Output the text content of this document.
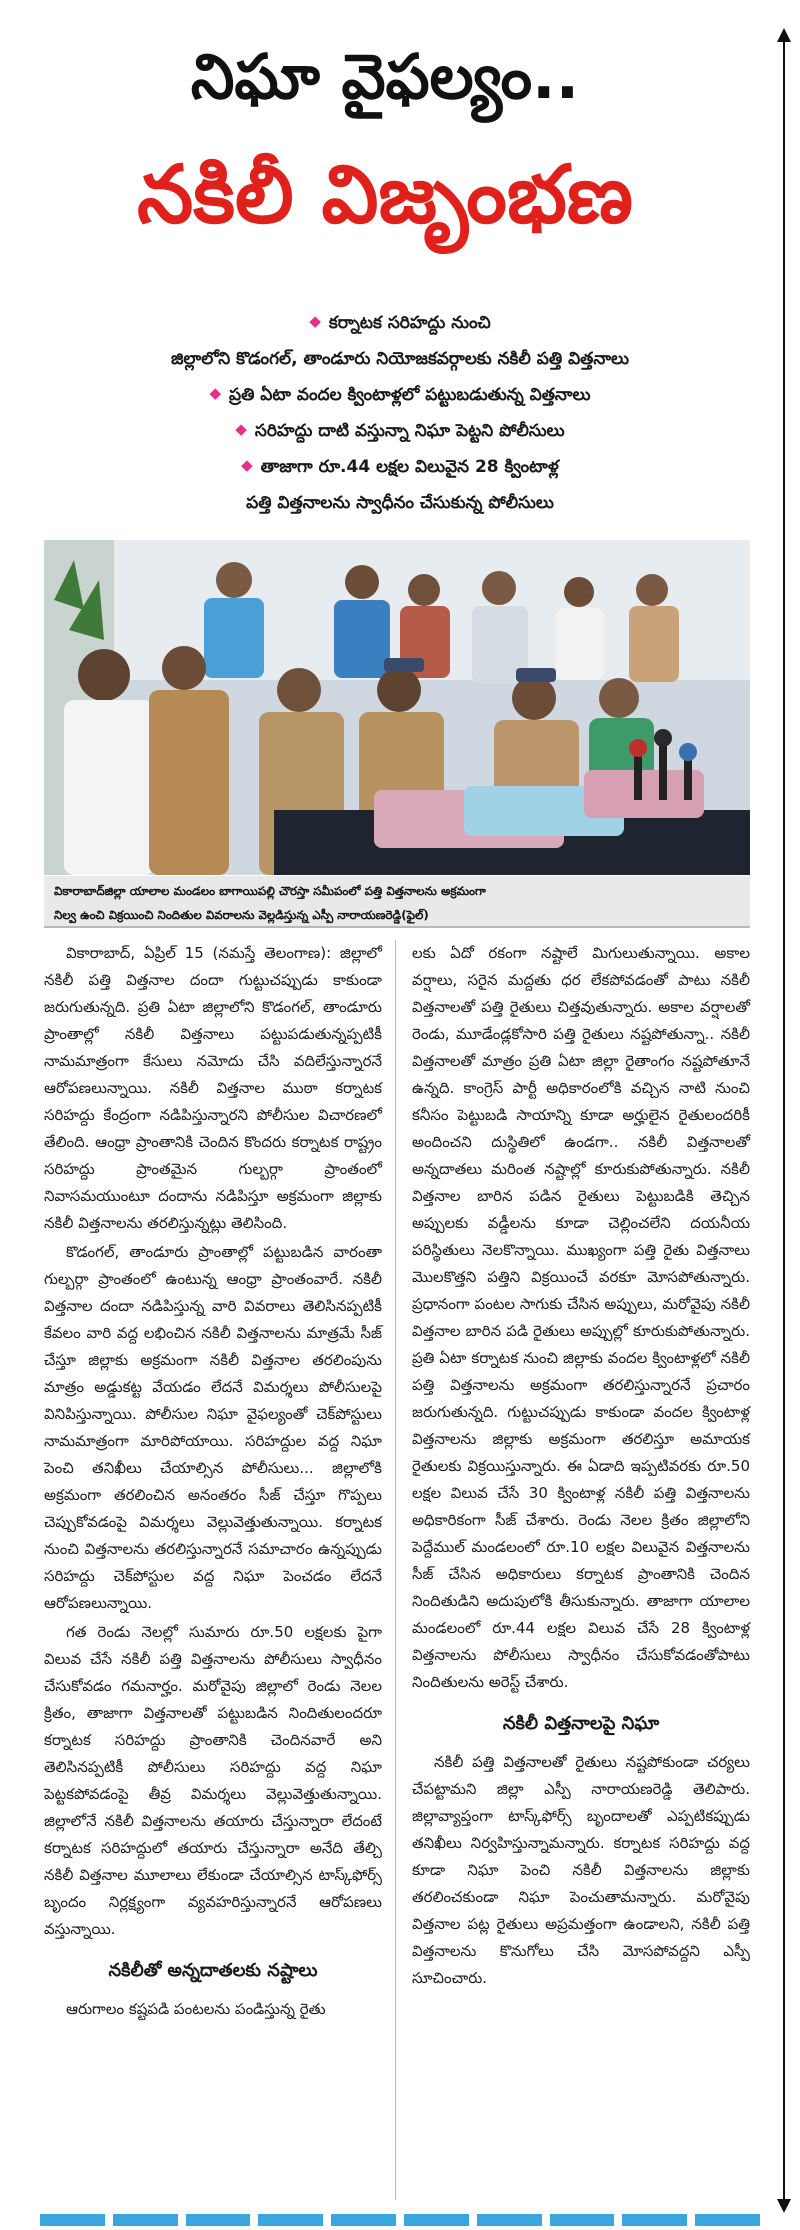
నిఘా వైఫల్యం..
నకిలీ విజృంభణ
◆ కర్నాటక సరిహద్దు నుంచి
జిల్లాలోని కొడంగల్‌, తాండూరు నియోజకవర్గాలకు నకిలీ పత్తి విత్తనాలు
◆ ప్రతి ఏటా వందల క్వింటాళ్లలో పట్టుబడుతున్న విత్తనాలు
◆ సరిహద్దు దాటి వస్తున్నా నిఘా పెట్టని పోలీసులు
◆ తాజాగా రూ.44 లక్షల విలువైన 28 క్వింటాళ్ల
పత్తి విత్తనాలను స్వాధీనం చేసుకున్న పోలీసులు
వికారాబాద్‌జిల్లా యాలాల మండలం బాగాయిపల్లి చౌరస్తా సమీపంలో పత్తి విత్తనాలను అక్రమంగా
నిల్వ ఉంచి విక్రయించి నిందితుల వివరాలను వెల్లడిస్తున్న ఎస్పీ నారాయణరెడ్డి(ఫైల్‌)

వికారాబాద్‌, ఏప్రిల్‌ 15 (నమస్తే తెలంగాణ): జిల్లాలో నకిలీ పత్తి విత్తనాల దందా గుట్టుచప్పుడు కాకుండా జరుగుతున్నది. ప్రతి ఏటా జిల్లాలోని కొడంగల్‌, తాండూరు ప్రాంతాల్లో నకిలీ విత్తనాలు పట్టుపడుతున్నప్పటికీ నామమాత్రంగా కేసులు నమోదు చేసి వదిలేస్తున్నారనే ఆరోపణలున్నాయి. నకిలీ విత్తనాల ముఠా కర్నాటక సరిహద్దు కేంద్రంగా నడిపిస్తున్నారని పోలీసుల విచారణలో తేలింది. ఆంధ్రా ప్రాంతానికి చెందిన కొందరు కర్నాటక రాష్ట్రం సరిహద్దు ప్రాంతమైన గుల్బర్గా ప్రాంతంలో నివాసమయుంటూ దందాను నడిపిస్తూ అక్రమంగా జిల్లాకు నకిలీ విత్తనాలను తరలిస్తున్నట్లు తెలిసింది.

కొడంగల్‌, తాండూరు ప్రాంతాల్లో పట్టుబడిన వారంతా గుల్బర్గా ప్రాంతంలో ఉంటున్న ఆంధ్రా ప్రాంతంవారే. నకిలీ విత్తనాల దందా నడిపిస్తున్న వారి వివరాలు తెలిసినప్పటికీ కేవలం వారి వద్ద లభించిన నకిలీ విత్తనాలను మాత్రమే సీజ్‌ చేస్తూ జిల్లాకు అక్రమంగా నకిలీ విత్తనాల తరలింపును మాత్రం అడ్డుకట్ట వేయడం లేదనే విమర్శలు పోలీసులపై వినిపిస్తున్నాయి. పోలీసుల నిఘా వైఫల్యంతో చెక్‌పోస్టులు నామమాత్రంగా మారిపోయాయి. సరిహద్దుల వద్ద నిఘా పెంచి తనిఖీలు చేయాల్సిన పోలీసులు... జిల్లాలోకి అక్రమంగా తరలించిన అనంతరం సీజ్‌ చేస్తూ గొప్పలు చెప్పుకోవడంపై విమర్శలు వెల్లువెత్తుతున్నాయి. కర్నాటక నుంచి విత్తనాలను తరలిస్తున్నారనే సమాచారం ఉన్నప్పుడు సరిహద్దు చెక్‌పోస్టుల వద్ద నిఘా పెంచడం లేదనే ఆరోపణలున్నాయి.

గత రెండు నెలల్లో సుమారు రూ.50 లక్షలకు పైగా విలువ చేసే నకిలీ పత్తి విత్తనాలను పోలీసులు స్వాధీనం చేసుకోవడం గమనార్హం. మరోవైపు జిల్లాలో రెండు నెలల క్రితం, తాజాగా విత్తనాలతో పట్టుబడిన నిందితులందరూ కర్నాటక సరిహద్దు ప్రాంతానికి చెందినవారే అని తెలిసినప్పటికీ పోలీసులు సరిహద్దు వద్ద నిఘా పెట్టకపోవడంపై తీవ్ర విమర్శలు వెల్లువెత్తుతున్నాయి. జిల్లాలోనే నకిలీ విత్తనాలను తయారు చేస్తున్నారా లేదంటే కర్నాటక సరిహద్దులో తయారు చేస్తున్నారా అనేది తేల్చి నకిలీ విత్తనాల మూలాలు లేకుండా చేయాల్సిన టాస్క్‌ఫోర్స్‌ బృందం నిర్లక్ష్యంగా వ్యవహరిస్తున్నారనే ఆరోపణలు వస్తున్నాయి.

నకిలీతో అన్నదాతలకు నష్టాలు

ఆరుగాలం కష్టపడి పంటలను పండిస్తున్న రైతు

లకు ఏదో రకంగా నష్టాలే మిగులుతున్నాయి. అకాల వర్షాలు, సరైన మద్దతు ధర లేకపోవడంతో పాటు నకిలీ విత్తనాలతో పత్తి రైతులు చిత్తవుతున్నారు. అకాల వర్షాలతో రెండు, మూడేండ్లకోసారి పత్తి రైతులు నష్టపోతున్నా.. నకిలీ విత్తనాలతో మాత్రం ప్రతి ఏటా జిల్లా రైతాంగం నష్టపోతూనే ఉన్నది. కాంగ్రెస్‌ పార్టీ అధికారంలోకి వచ్చిన నాటి నుంచి కనీసం పెట్టుబడి సాయాన్ని కూడా అర్హులైన రైతులందరికీ అందించని దుస్థితిలో ఉండగా.. నకిలీ విత్తనాలతో అన్నదాతలు మరింత నష్టాల్లో కూరుకుపోతున్నారు. నకిలీ విత్తనాల బారిన పడిన రైతులు పెట్టుబడికి తెచ్చిన అప్పులకు వడ్డీలను కూడా చెల్లించలేని దయనీయ పరిస్థితులు నెలకొన్నాయి. ముఖ్యంగా పత్తి రైతు విత్తనాలు మొలకొత్తని పత్తిని విక్రయించే వరకూ మోసపోతున్నారు. ప్రధానంగా పంటల సాగుకు చేసిన అప్పులు, మరోవైపు నకిలీ విత్తనాల బారిన పడి రైతులు అప్పుల్లో కూరుకుపోతున్నారు. ప్రతి ఏటా కర్నాటక నుంచి జిల్లాకు వందల క్వింటాళ్లలో నకిలీ పత్తి విత్తనాలను అక్రమంగా తరలిస్తున్నారనే ప్రచారం జరుగుతున్నది. గుట్టుచప్పుడు కాకుండా వందల క్వింటాళ్ల విత్తనాలను జిల్లాకు అక్రమంగా తరలిస్తూ అమాయక రైతులకు విక్రయిస్తున్నారు. ఈ ఏడాది ఇప్పటివరకు రూ.50 లక్షల విలువ చేసే 30 క్వింటాళ్ల నకిలీ పత్తి విత్తనాలను అధికారికంగా సీజ్‌ చేశారు. రెండు నెలల క్రితం జిల్లాలోని పెద్దేముల్‌ మండలంలో రూ.10 లక్షల విలువైన విత్తనాలను సీజ్‌ చేసిన అధికారులు కర్నాటక ప్రాంతానికి చెందిన నిందితుడిని అదుపులోకి తీసుకున్నారు. తాజాగా యాలాల మండలంలో రూ.44 లక్షల విలువ చేసే 28 క్వింటాళ్ల విత్తనాలను పోలీసులు స్వాధీనం చేసుకోవడంతోపాటు నిందితులను అరెస్ట్‌ చేశారు.

నకిలీ విత్తనాలపై నిఘా

నకిలీ పత్తి విత్తనాలతో రైతులు నష్టపోకుండా చర్యలు చేపట్టామని జిల్లా ఎస్పీ నారాయణరెడ్డి తెలిపారు. జిల్లావ్యాప్తంగా టాస్క్‌ఫోర్స్‌ బృందాలతో ఎప్పటికప్పుడు తనిఖీలు నిర్వహిస్తున్నామన్నారు. కర్నాటక సరిహద్దు వద్ద కూడా నిఘా పెంచి నకిలీ విత్తనాలను జిల్లాకు తరలించకుండా నిఘా పెంచుతామన్నారు. మరోవైపు విత్తనాల పట్ల రైతులు అప్రమత్తంగా ఉండాలని, నకిలీ పత్తి విత్తనాలను కొనుగోలు చేసి మోసపోవద్దని ఎస్పీ సూచించారు.
